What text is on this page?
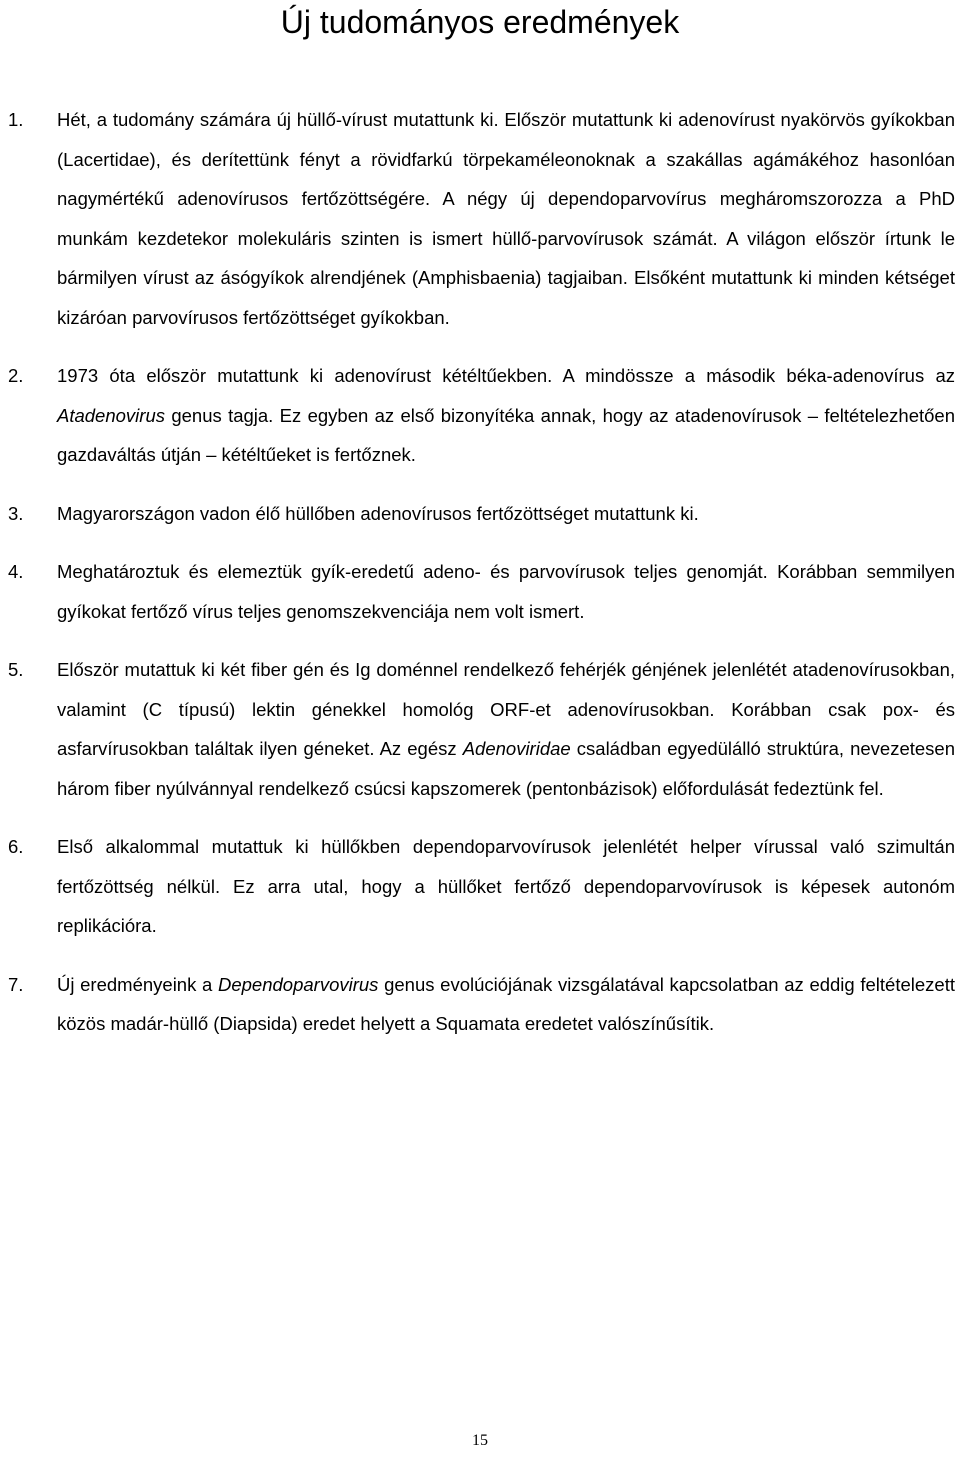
Új tudományos eredmények
1. Hét, a tudomány számára új hüllő-vírust mutattunk ki. Először mutattunk ki adenovírust nyakörvös gyíkokban (Lacertidae), és derítettünk fényt a rövidfarkú törpekaméleonoknak a szakállas agámákéhoz hasonlóan nagymértékű adenovírusos fertőzöttségére. A négy új dependoparvovírus megháromszorozza a PhD munkám kezdetekor molekuláris szinten is ismert hüllő-parvovírusok számát. A világon először írtunk le bármilyen vírust az ásógyíkok alrendjének (Amphisbaenia) tagjaiban. Elsőként mutattunk ki minden kétséget kizáróan parvovírusos fertőzöttséget gyíkokban.
2. 1973 óta először mutattunk ki adenovírust kétéltűekben. A mindössze a második béka-adenovírus az Atadenovirus genus tagja. Ez egyben az első bizonyítéka annak, hogy az atadenovírusok – feltételezhetően gazdaváltás útján – kétéltűeket is fertőznek.
3. Magyarországon vadon élő hüllőben adenovírusos fertőzöttséget mutattunk ki.
4. Meghatároztuk és elemeztük gyík-eredetű adeno- és parvovírusok teljes genomját. Korábban semmilyen gyíkokat fertőző vírus teljes genomszekvenciája nem volt ismert.
5. Először mutattuk ki két fiber gén és Ig doménnel rendelkező fehérjék génjének jelenlétét atadenovírusokban, valamint (C típusú) lektin génekkel homológ ORF-et adenovírusokban. Korábban csak pox- és asfarvírusokban találtak ilyen géneket. Az egész Adenoviridae családban egyedülálló struktúra, nevezetesen három fiber nyúlvánnyal rendelkező csúcsi kapszomerek (pentonbázisok) előfordulását fedeztünk fel.
6. Első alkalommal mutattuk ki hüllőkben dependoparvovírusok jelenlétét helper vírussal való szimultán fertőzöttség nélkül. Ez arra utal, hogy a hüllőket fertőző dependoparvovírusok is képesek autonóm replikációra.
7. Új eredményeink a Dependoparvovirus genus evolúciójának vizsgálatával kapcsolatban az eddig feltételezett közös madár-hüllő (Diapsida) eredet helyett a Squamata eredetet valószínűsítik.
15
